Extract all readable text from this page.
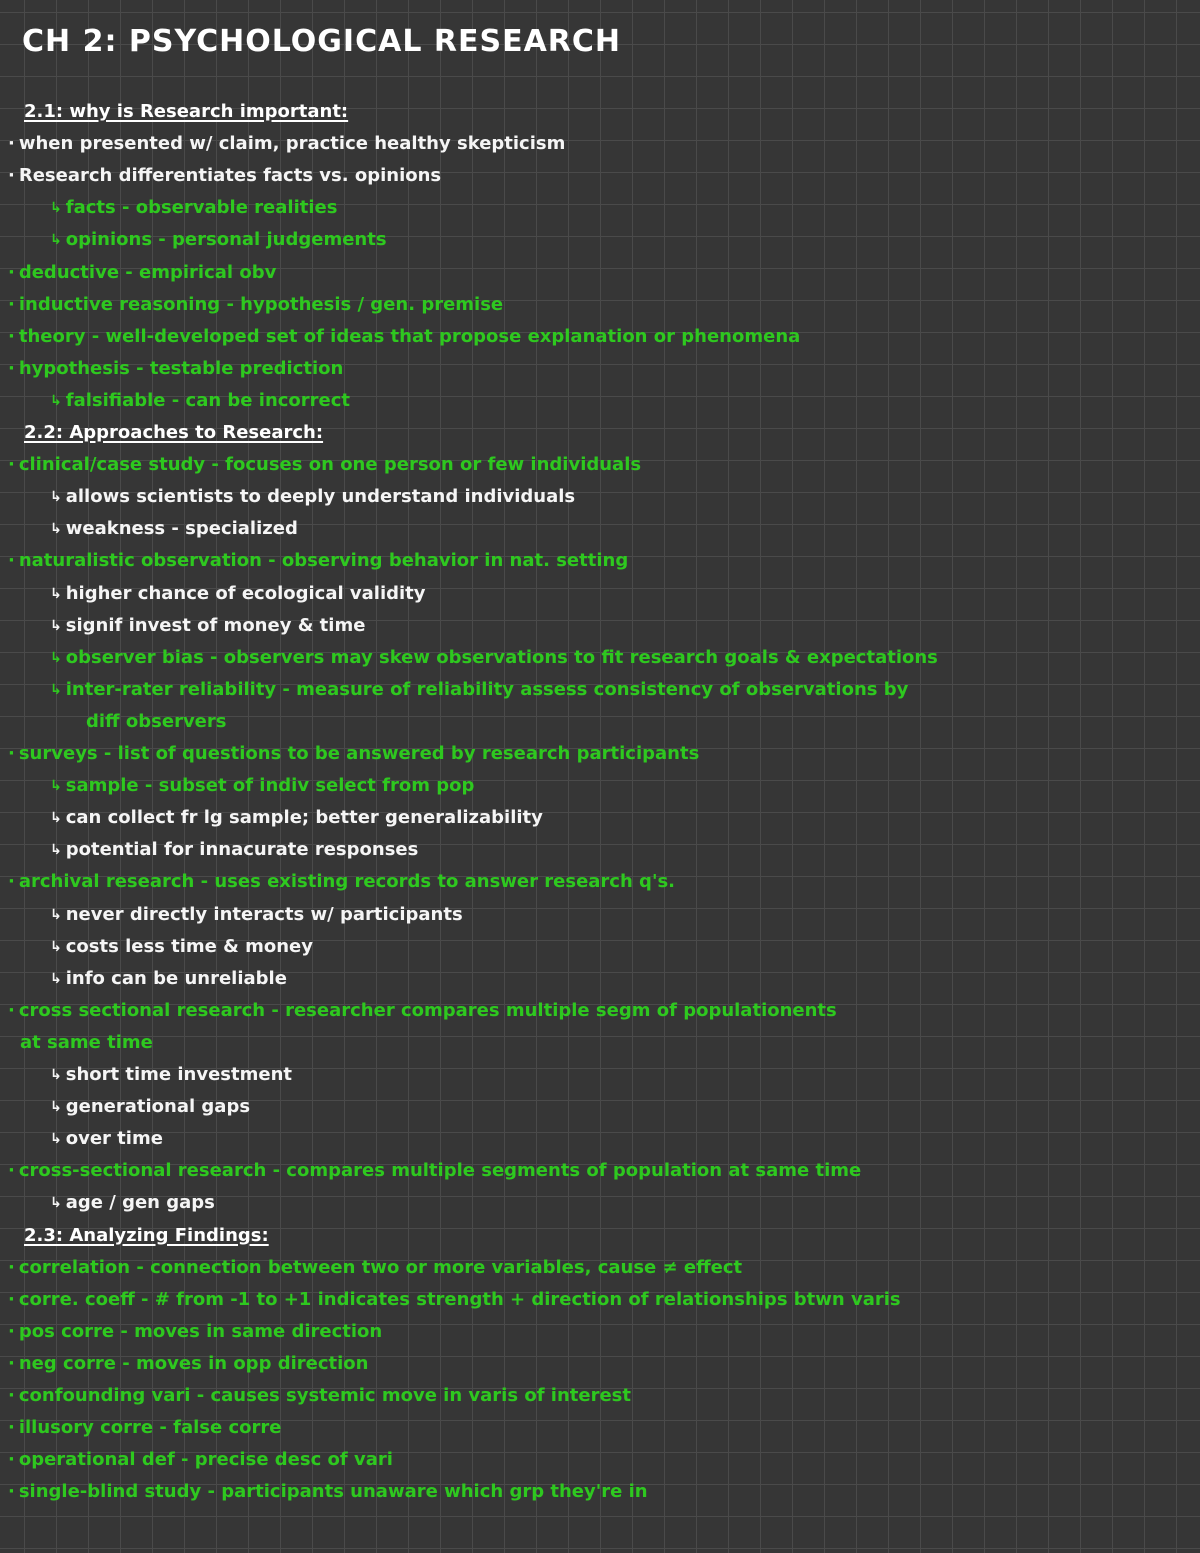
CH 2: PSYCHOLOGICAL RESEARCH
2.1: why is Research important:
· when presented w/ claim, practice healthy skepticism
· Research differentiates facts vs. opinions
↳ facts - observable realities
↳ opinions - personal judgements
· deductive - empirical obv
· inductive reasoning - hypothesis / gen. premise
· theory - well-developed set of ideas that propose explanation or phenomena
· hypothesis - testable prediction
↳ falsifiable - can be incorrect
2.2: Approaches to Research:
· clinical/case study - focuses on one person or few individuals
↳ allows scientists to deeply understand individuals
↳ weakness - specialized
· naturalistic observation - observing behavior in nat. setting
↳ higher chance of ecological validity
↳ signif invest of money & time
↳ observer bias - observers may skew observations to fit research goals & expectations
↳ inter-rater reliability - measure of reliability assess consistency of observations by
diff observers
· surveys - list of questions to be answered by research participants
↳ sample - subset of indiv select from pop
↳ can collect fr lg sample; better generalizability
↳ potential for innacurate responses
· archival research - uses existing records to answer research q's.
↳ never directly interacts w/ participants
↳ costs less time & money
↳ info can be unreliable
· cross sectional research - researcher compares multiple segm of populationents
at same time
↳ short time investment
↳ generational gaps
↳ over time
· cross-sectional research - compares multiple segments of population at same time
↳ age / gen gaps
2.3: Analyzing Findings:
· correlation - connection between two or more variables, cause ≠ effect
· corre. coeff - # from -1 to +1 indicates strength + direction of relationships btwn varis
· pos corre - moves in same direction
· neg corre - moves in opp direction
· confounding vari - causes systemic move in varis of interest
· illusory corre - false corre
· operational def - precise desc of vari
· single-blind study - participants unaware which grp they're in
